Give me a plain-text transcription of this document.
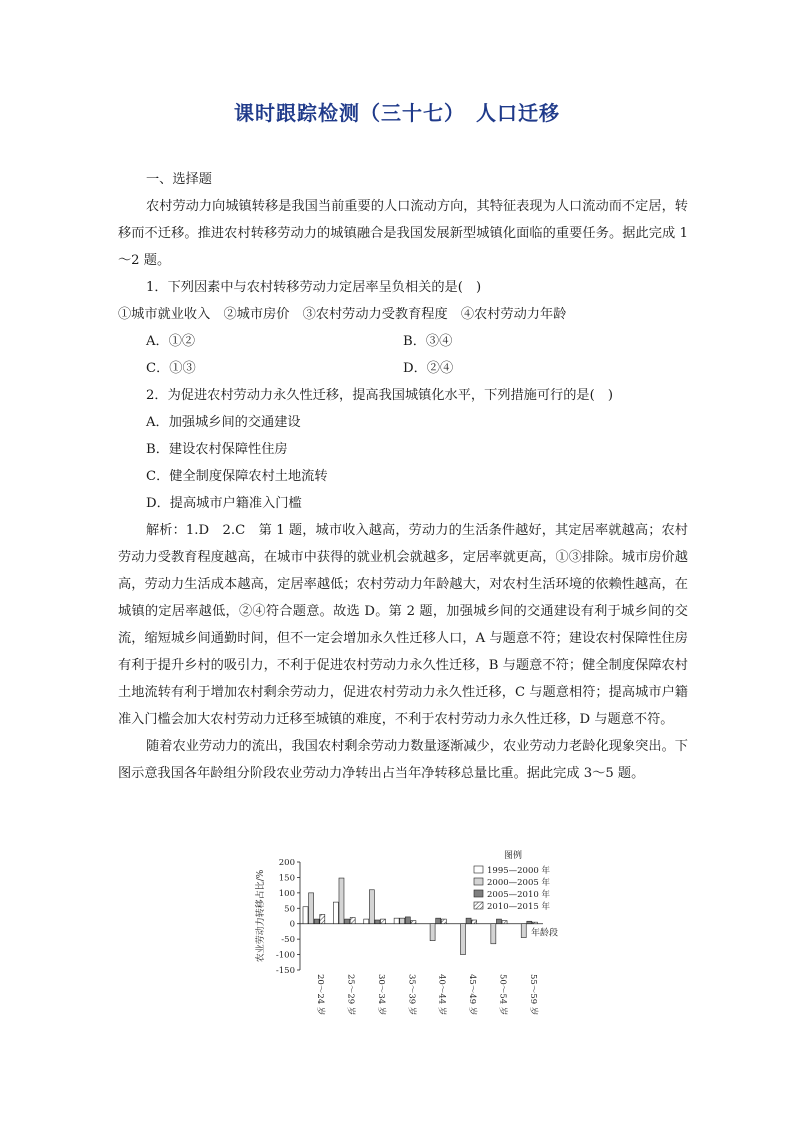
课时跟踪检测（三十七）　人口迁移

一、选择题

农村劳动力向城镇转移是我国当前重要的人口流动方向，其特征表现为人口流动而不定居，转移而不迁移。推进农村转移劳动力的城镇融合是我国发展新型城镇化面临的重要任务。据此完成 1～2 题。

1．下列因素中与农村转移劳动力定居率呈负相关的是(　)

①城市就业收入　②城市房价　③农村劳动力受教育程度　④农村劳动力年龄

A．①②	B．③④
C．①③	D．②④

2．为促进农村劳动力永久性迁移，提高我国城镇化水平，下列措施可行的是(　)

A．加强城乡间的交通建设

B．建设农村保障性住房

C．健全制度保障农村土地流转

D．提高城市户籍准入门槛

解析：1.D　2.C　第 1 题，城市收入越高，劳动力的生活条件越好，其定居率就越高；农村劳动力受教育程度越高，在城市中获得的就业机会就越多，定居率就更高，①③排除。城市房价越高，劳动力生活成本越高，定居率越低；农村劳动力年龄越大，对农村生活环境的依赖性越高，在城镇的定居率越低，②④符合题意。故选 D。第 2 题，加强城乡间的交通建设有利于城乡间的交流，缩短城乡间通勤时间，但不一定会增加永久性迁移人口，A 与题意不符；建设农村保障性住房有利于提升乡村的吸引力，不利于促进农村劳动力永久性迁移，B 与题意不符；健全制度保障农村土地流转有利于增加农村剩余劳动力，促进农村劳动力永久性迁移，C 与题意相符；提高城市户籍准入门槛会加大农村劳动力迁移至城镇的难度，不利于农村劳动力永久性迁移，D 与题意不符。

随着农业劳动力的流出，我国农村剩余劳动力数量逐渐减少，农业劳动力老龄化现象突出。下图示意我国各年龄组分阶段农业劳动力净转出占当年净转移总量比重。据此完成 3～5 题。

200
150
100
50
0
-50
-100
-150
农业劳动力转移占比/%
20～24 岁 25～29 岁 30～34 岁 35～39 岁 40～44 岁 45～49 岁 50～54 岁 55～59 岁
年龄段
图例
1995—2000 年
2000—2005 年
2005—2010 年
2010—2015 年
